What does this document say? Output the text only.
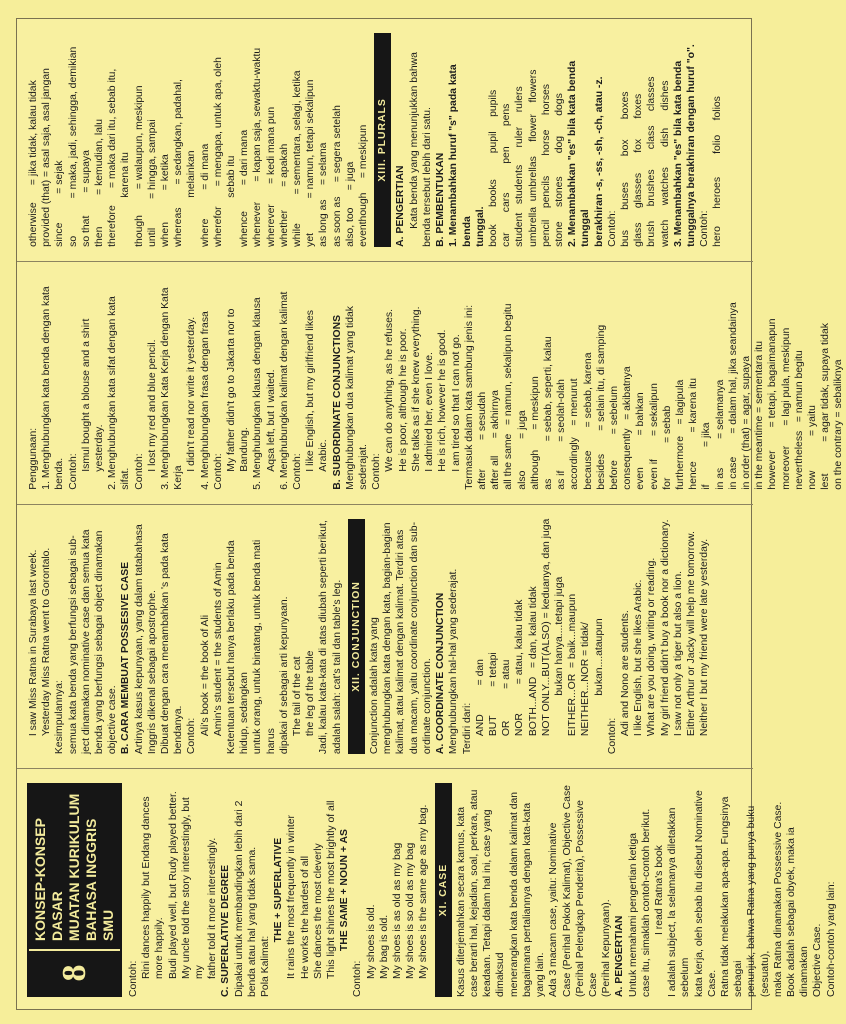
8
KONSEP-KONSEP DASAR MUATAN KURIKULUM BAHASA INGGRIS SMU

Contoh: Rini dances happily but Endang dances more happily. Budi played well, but Rudy played better. My uncle told the story interestingly, but my father told it more interestingly. C. SUPERLATIVE DEGREE Dipakai untuk membandingkan lebih dari 2 benda atau hal yang tidak sama. Pola Kalimat:

THE + SUPERLATIVE It rains the most frequently in winter He works the hardest of all She dances the most cleverly This light shines the most brightly of all THE SAME + NOUN + AS

Contoh: My shoes is old. My bag is old. My shoes is as old as my bag My shoes is so old as my bag My shoes is the same age as my bag. XI. CASE Kasus diterjemahkan secara kamus, kata case berarti hal, kejadian, soal, perkara, atau keadaan. Tetapi dalam hal ini, case yang dimaksud menerangkan kata benda dalam kalimat dan bagaimana pertaliannya dengan kata-kata yang lain. Ada 3 macam case, yaitu: Nominative Case (Perihal Pokok Kalimat), Objective Case (Perihal Pelengkap Penderita), Possessive Case (Perihal Kepunyaan). A. PENGERTIAN Untuk memahami pengertian ketiga case itu, simaklah contoh-contoh berikut. I read Ratna's book I adalah subject, la selamanya diletakkan sebelum kata kerja, oleh sebab itu disebut Nominative Case. Ratna tidak melakukan apa-apa. Fungsinya sebagai penunjuk, bahwa Ratna yang punya buku (sesuatu), maka Ratna dinamakan Possessive Case. Book adalah sebagai obyek, maka ia dinamakan Objective Case. Contoh-contoh yang lain:

I saw Miss Ratna in Surabaya last week. Yesterday Miss Ratna went to Gorontalo. Kesimpulannya: semua kata benda yang berfungsi sebagai sub- ject dinamakan nominative case dan semua kata benda yang berfungsi sebagai object dinamakan objective case. B. CARA MEMBUAT POSSESIVE CASE Artinya kasus kepunyaan, yang dalam tatabahasa Inggris dikenal sebagai apostrophe. Dibuat dengan cara menambahkan 's pada kata bendanya. Contoh: Ali's book = the book of Ali Amin's student = the students of Amin Ketentuan tersebut hanya berlaku pada benda hidup, sedangkan untuk orang, untuk binatang, untuk benda mati harus dipakai of sebagai arti kepunyaan. The tail of the cat the leg of the table Jadi, kalau kata-kata di atas diubah seperti berikut, adalah salah: cat's tail dan table's leg. XII. CONJUNCTION Conjunction adalah kata yang menghubungkan kata dengan kata, bagian-bagian kalimat, atau kalimat dengan kalimat. Terdiri atas dua macam, yaitu coordinate conjunction dan sub- ordinate conjunction. A. COORDINATE CONJUNCTION Menghubungkan hal-hal yang sederajat. Terdiri dari: AND          = dan BUT          = tetapi OR           = atau NOR          = atau, kalau tidak BOTH...AND   = dan, kalau tidak NOT ONLY...BUT(ALSO) = keduanya, dan juga bukan hanya....tetapi juga EITHER...OR  = baik...maupun NEITHER...NOR = tidak/ bukan....ataupun Contoh: Adi and Nono are students. I like English, but she likes Arabic. What are you doing, writing or reading. My girl friend didn't buy a book nor a dictionary. I saw not only a tiger but also a lion. Either Arthur or Jacky will help me tomorrow. Neither I but my friend were late yesterday.

Penggunaan: 1. Menghubungkan kata benda dengan kata benda. Contoh: Ismul bought a blouse and a shirt yesterday. 2. Menghubungkan kata sifat dengan kata sifat. Contoh: I lost my red and blue pencil. 3. Menghubungkan Kata Kerja dengan Kata Kerja

I didn't read nor write it yesterday. 4. Menghubungkan frasa dengan frasa Contoh: My father didn't go to Jakarta nor to Bandung. 5. Menghubungkan klausa dengan klausa Aqsa left, but I waited. 6. Menghubungkan kalimat dengan kalimat Contoh: I like English, but my girlfriend likes Arabic. B. SUBORDINATE CONJUNCTIONS Menghubungkan dua kalimat yang tidak sederajat. Contoh: We can do anything, as he refuses. He is poor, although he is poor. She talks as if she knew everything. I admired her, even I love. He is rich, however he is good. I am tired so that I can not go. Termasuk dalam kata sambung jenis ini: after          = sesudah after all      = akhirnya all the same   = namun, sekalipun begitu also           = juga although       = meskipun as             = sebab, seperti, kalau as if          = seolah-olah accordingly    = menurut because        = sebab, karena besides        = selain itu, di samping before         = sebelum consequently   = akibatnya even           = bahkan even if        = sekalipun for            = sebab furthermore    = lagipula hence          = karena itu if             = jika in as          = selamanya in case        = dalam hal, jika seandainya in order (that) = agar, supaya in the meantime = sementara itu however        = tetapi, bagaimanapun moreover       = lagi pula, meskipun nevertheless   = namun begitu now            = yaitu lest           = agar tidak, supaya tidak on the contrary = sebaliknya

otherwise      = jika tidak, kalau tidak provided (that) = asal saja, asal jangan since          = sejak so             = maka, jadi, sehingga, demikian so that        = supaya then           = kemudian, lalu therefore      = maka dari itu, sebab itu, karena itu though         = walaupun, meskipun until          = hingga, sampai when           = ketika whereas        = sedangkan, padahal, melainkan where          = di mana wherefor       = mengapa, untuk apa, oleh sebab itu whence         = dari mana whenever       = kapan saja, sewaktu-waktu wherever       = kedi mana pun whether        = apakah while          = sementara, selagi, ketika yet            = namun, tetapi sekalipun as long as     = selama as soon as     = segera setelah also, too      = juga eventhough     = meskipun XIII. PLURALS

A. PENGERTIAN Kata benda yang menunjukkan bahwa benda tersebut lebih dari satu. B. PEMBENTUKAN 1. Menambahkan huruf "s" pada kata benda tunggal. book      books         pupil     pupils car       cars          pen       pens student   students      ruler     rulers umbrella  umbrellas     flower    flowers pencil    pencils       horse     horses stone     stones        dog       dogs 2. Menambahkan "es" bila kata benda tunggal berakhiran -s, -ss, -sh, -ch, atau -z. Contoh: bus       buses         box       boxes glass     glasses       fox       foxes brush     brushes       class     classes watch     watches       dish      dishes 3. Menambahkan "es" bila kata benda tunggalnya berakhiran dengan huruf "o". Contoh: hero      heroes        folio     folios
